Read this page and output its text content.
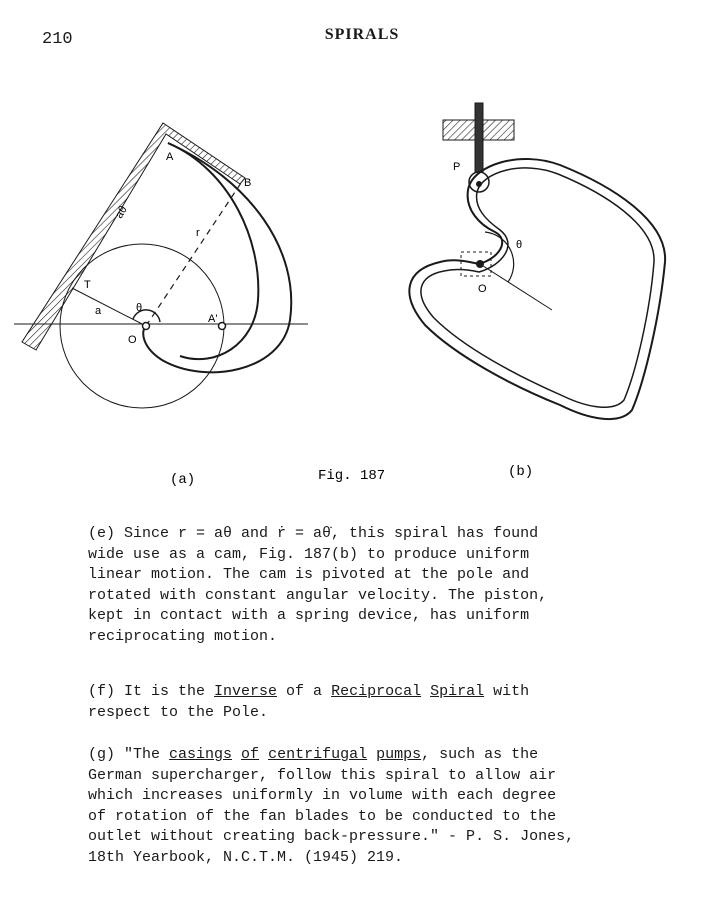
210	SPIRALS
A
B
T
a
aθ
r
θ
O
A'
P
θ
O
(a)	Fig. 187	(b)
(e) Since r = aθ and ṙ = aθ̇, this spiral has found
wide use as a cam, Fig. 187(b) to produce uniform
linear motion. The cam is pivoted at the pole and
rotated with constant angular velocity. The piston,
kept in contact with a spring device, has uniform
reciprocating motion.
(f) It is the Inverse of a Reciprocal Spiral with
respect to the Pole.
(g) "The casings of centrifugal pumps, such as the
German supercharger, follow this spiral to allow air
which increases uniformly in volume with each degree
of rotation of the fan blades to be conducted to the
outlet without creating back-pressure." - P. S. Jones,
18th Yearbook, N.C.T.M. (1945) 219.
